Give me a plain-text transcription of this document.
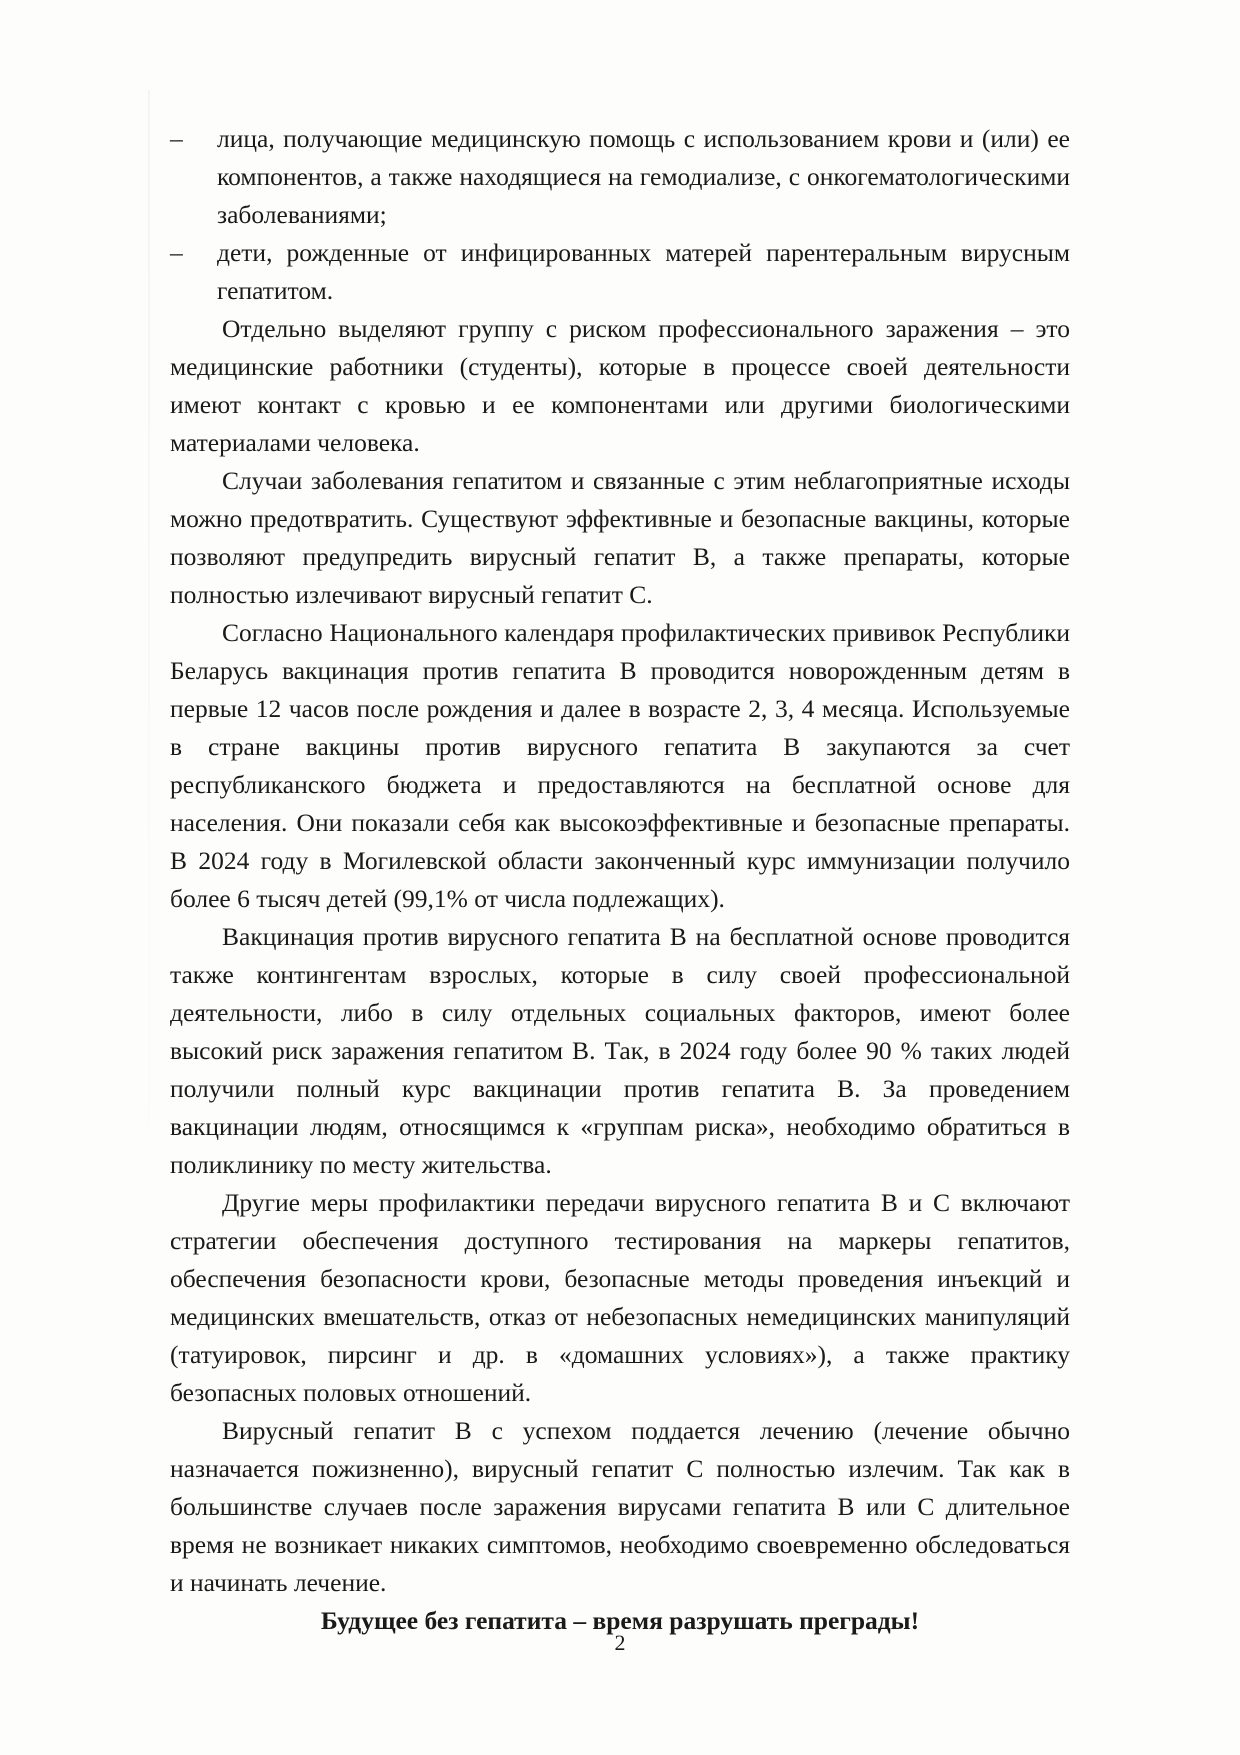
– лица, получающие медицинскую помощь с использованием крови и (или) ее компонентов, а также находящиеся на гемодиализе, с онкогематологическими заболеваниями;
– дети, рожденные от инфицированных матерей парентеральным вирусным гепатитом.

Отдельно выделяют группу с риском профессионального заражения – это медицинские работники (студенты), которые в процессе своей деятельности имеют контакт с кровью и ее компонентами или другими биологическими материалами человека.

Случаи заболевания гепатитом и связанные с этим неблагоприятные исходы можно предотвратить. Существуют эффективные и безопасные вакцины, которые позволяют предупредить вирусный гепатит В, а также препараты, которые полностью излечивают вирусный гепатит С.

Согласно Национального календаря профилактических прививок Республики Беларусь вакцинация против гепатита В проводится новорожденным детям в первые 12 часов после рождения и далее в возрасте 2, 3, 4 месяца. Используемые в стране вакцины против вирусного гепатита В закупаются за счет республиканского бюджета и предоставляются на бесплатной основе для населения. Они показали себя как высокоэффективные и безопасные препараты. В 2024 году в Могилевской области законченный курс иммунизации получило более 6 тысяч детей (99,1% от числа подлежащих).

Вакцинация против вирусного гепатита В на бесплатной основе проводится также контингентам взрослых, которые в силу своей профессиональной деятельности, либо в силу отдельных социальных факторов, имеют более высокий риск заражения гепатитом В. Так, в 2024 году более 90 % таких людей получили полный курс вакцинации против гепатита В. За проведением вакцинации людям, относящимся к «группам риска», необходимо обратиться в поликлинику по месту жительства.

Другие меры профилактики передачи вирусного гепатита В и С включают стратегии обеспечения доступного тестирования на маркеры гепатитов, обеспечения безопасности крови, безопасные методы проведения инъекций и медицинских вмешательств, отказ от небезопасных немедицинских манипуляций (татуировок, пирсинг и др. в «домашних условиях»), а также практику безопасных половых отношений.

Вирусный гепатит В с успехом поддается лечению (лечение обычно назначается пожизненно), вирусный гепатит С полностью излечим. Так как в большинстве случаев после заражения вирусами гепатита В или С длительное время не возникает никаких симптомов, необходимо своевременно обследоваться и начинать лечение.

Будущее без гепатита – время разрушать преграды!

2
